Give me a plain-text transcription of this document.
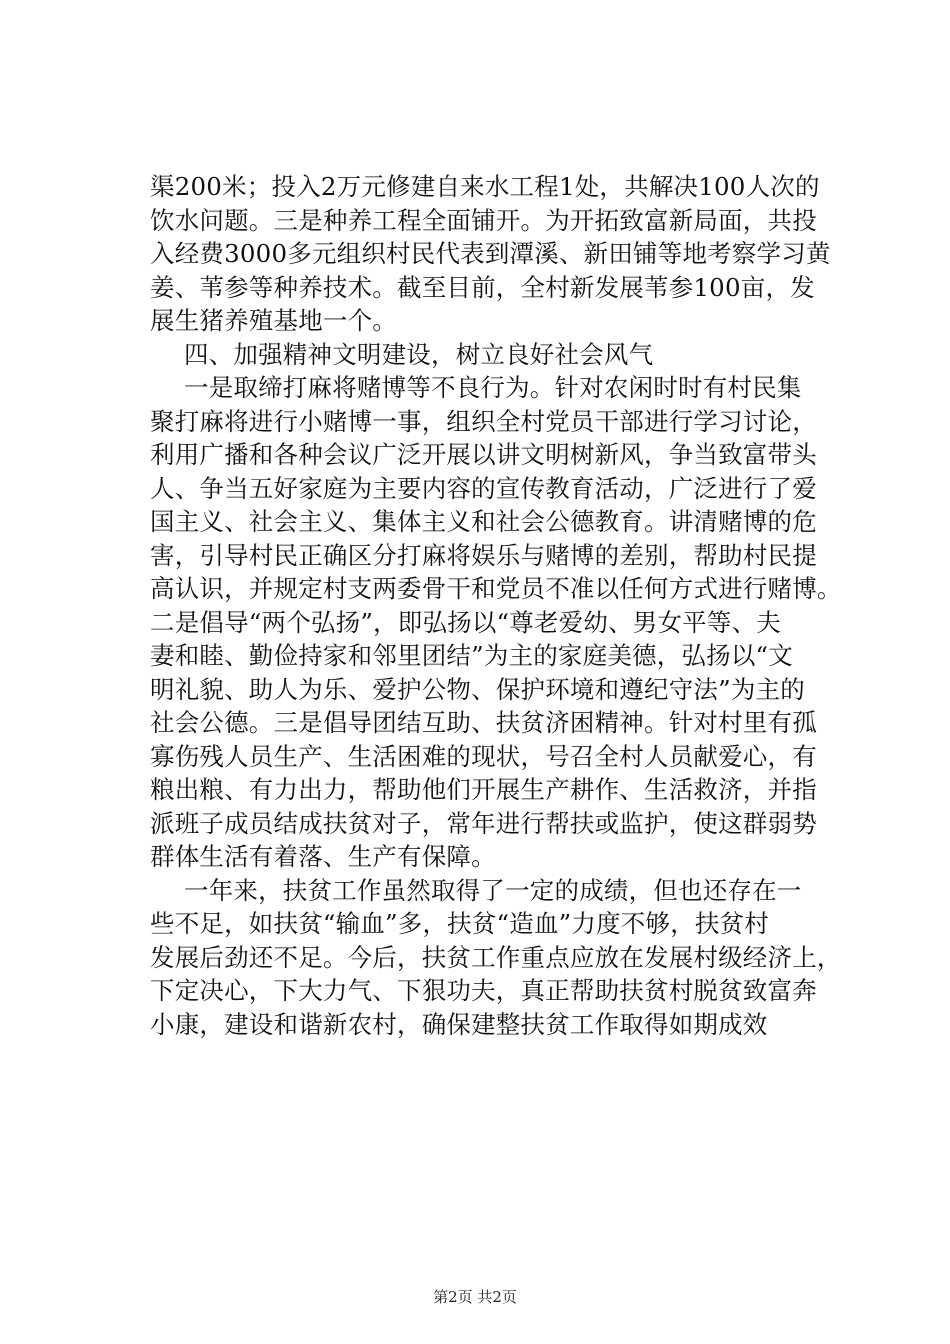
渠200米；投入2万元修建自来水工程1处，共解决100人次的
饮水问题。三是种养工程全面铺开。为开拓致富新局面，共投
入经费3000多元组织村民代表到潭溪、新田铺等地考察学习黄
姜、苇参等种养技术。截至目前，全村新发展苇参100亩，发
展生猪养殖基地一个。
四、加强精神文明建设，树立良好社会风气
一是取缔打麻将赌博等不良行为。针对农闲时时有村民集
聚打麻将进行小赌博一事，组织全村党员干部进行学习讨论，
利用广播和各种会议广泛开展以讲文明树新风，争当致富带头
人、争当五好家庭为主要内容的宣传教育活动，广泛进行了爱
国主义、社会主义、集体主义和社会公德教育。讲清赌博的危
害，引导村民正确区分打麻将娱乐与赌博的差别，帮助村民提
高认识，并规定村支两委骨干和党员不准以任何方式进行赌博。
二是倡导“两个弘扬”，即弘扬以“尊老爱幼、男女平等、夫
妻和睦、勤俭持家和邻里团结”为主的家庭美德，弘扬以“文
明礼貌、助人为乐、爱护公物、保护环境和遵纪守法”为主的
社会公德。三是倡导团结互助、扶贫济困精神。针对村里有孤
寡伤残人员生产、生活困难的现状，号召全村人员献爱心，有
粮出粮、有力出力，帮助他们开展生产耕作、生活救济，并指
派班子成员结成扶贫对子，常年进行帮扶或监护，使这群弱势
群体生活有着落、生产有保障。
一年来，扶贫工作虽然取得了一定的成绩，但也还存在一
些不足，如扶贫“输血”多，扶贫“造血”力度不够，扶贫村
发展后劲还不足。今后，扶贫工作重点应放在发展村级经济上，
下定决心，下大力气、下狠功夫，真正帮助扶贫村脱贫致富奔
小康，建设和谐新农村，确保建整扶贫工作取得如期成效
第2页 共2页
